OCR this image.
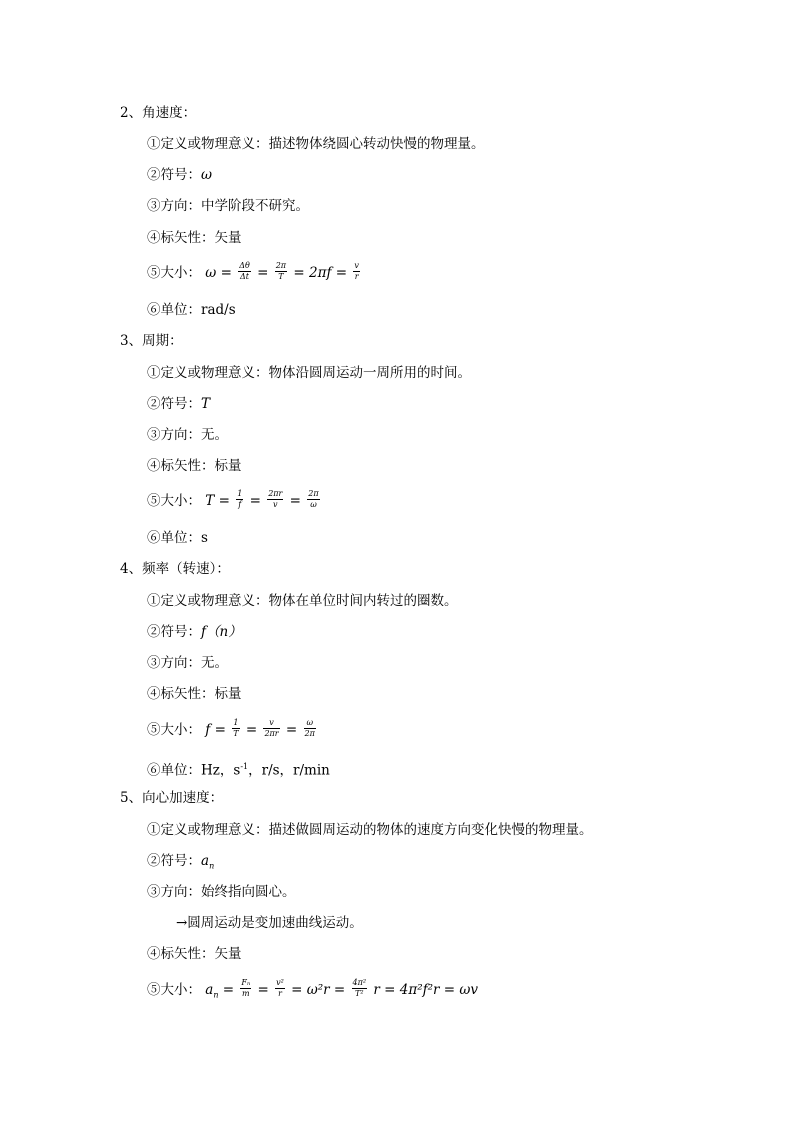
2、角速度：
①定义或物理意义：描述物体绕圆心转动快慢的物理量。
②符号：ω
③方向：中学阶段不研究。
④标矢性：矢量
⑤大小： $\omega = \frac{\Delta\theta}{\Delta t} = \frac{2\pi}{T} = 2\pi f = \frac{v}{r}$
⑥单位：rad/s
3、周期：
①定义或物理意义：物体沿圆周运动一周所用的时间。
②符号：T
③方向：无。
④标矢性：标量
⑤大小： $T = \frac{1}{f} = \frac{2\pi r}{v} = \frac{2\pi}{\omega}$
⑥单位：s
4、频率（转速）：
①定义或物理意义：物体在单位时间内转过的圈数。
②符号：f（n）
③方向：无。
④标矢性：标量
⑤大小： $f = \frac{1}{T} = \frac{v}{2\pi r} = \frac{\omega}{2\pi}$
⑥单位：Hz，$s^{-1}$，r/s，r/min
5、向心加速度：
①定义或物理意义：描述做圆周运动的物体的速度方向变化快慢的物理量。
②符号：$a_n$
③方向：始终指向圆心。
→圆周运动是变加速曲线运动。
④标矢性：矢量
⑤大小： $a_n = \frac{\text{Fₙ}}{m} = \frac{\text{v²}}{r} = \omega^2r = \frac{\text{4π²}}{\text{T²}}$ r = 4π²f²r = ωv
